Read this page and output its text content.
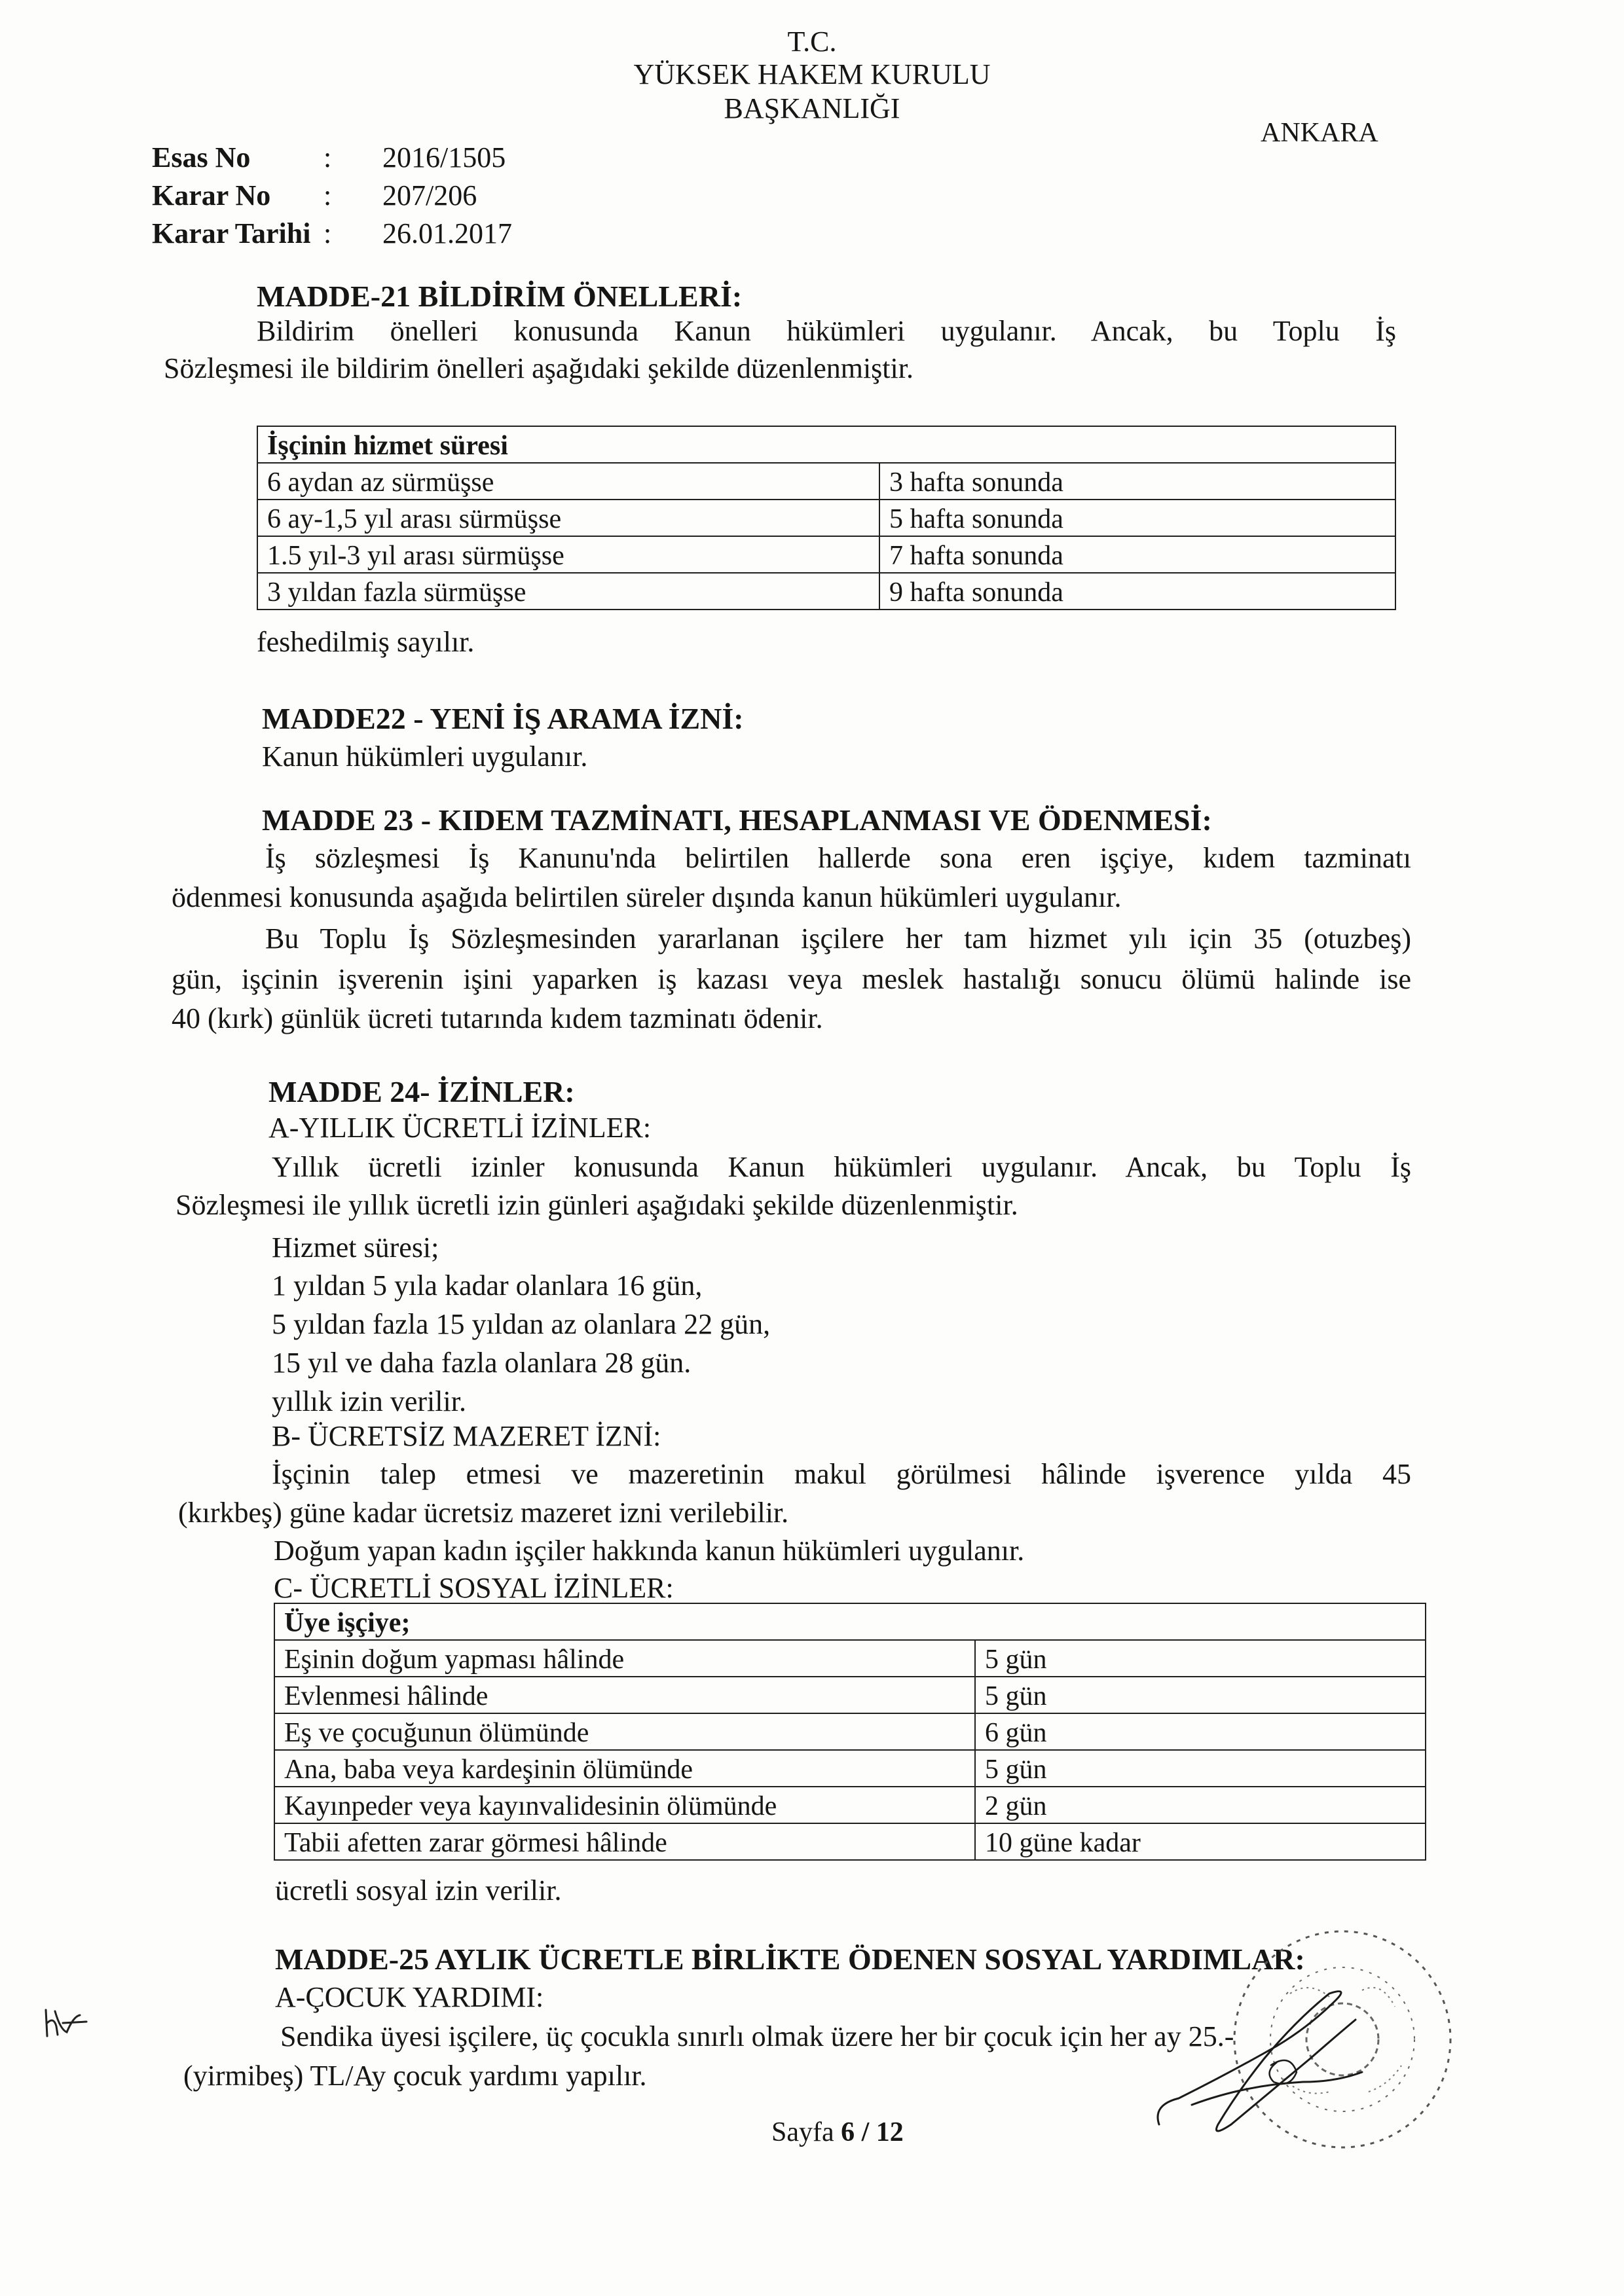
T.C.
YÜKSEK HAKEM KURULU
BAŞKANLIĞI
ANKARA
Esas No	:	2016/1505
Karar No	:	207/206
Karar Tarihi :	26.01.2017
MADDE-21 BİLDİRİM ÖNELLERİ:
Bildirim önelleri konusunda Kanun hükümleri uygulanır. Ancak, bu Toplu İş
Sözleşmesi ile bildirim önelleri aşağıdaki şekilde düzenlenmiştir.
İşçinin hizmet süresi	
6 aydan az sürmüşse	3 hafta sonunda
6 ay-1,5 yıl arası sürmüşse	5 hafta sonunda
1.5 yıl-3 yıl arası sürmüşse	7 hafta sonunda
3 yıldan fazla sürmüşse	9 hafta sonunda
feshedilmiş sayılır.
MADDE22 - YENİ İŞ ARAMA İZNİ:
Kanun hükümleri uygulanır.
MADDE 23 - KIDEM TAZMİNATI, HESAPLANMASI VE ÖDENMESİ:
İş sözleşmesi İş Kanunu'nda belirtilen hallerde sona eren işçiye, kıdem tazminatı
ödenmesi konusunda aşağıda belirtilen süreler dışında kanun hükümleri uygulanır.
Bu Toplu İş Sözleşmesinden yararlanan işçilere her tam hizmet yılı için 35 (otuzbeş)
gün, işçinin işverenin işini yaparken iş kazası veya meslek hastalığı sonucu ölümü halinde ise
40 (kırk) günlük ücreti tutarında kıdem tazminatı ödenir.
MADDE 24- İZİNLER:
A-YILLIK ÜCRETLİ İZİNLER:
Yıllık ücretli izinler konusunda Kanun hükümleri uygulanır. Ancak, bu Toplu İş
Sözleşmesi ile yıllık ücretli izin günleri aşağıdaki şekilde düzenlenmiştir.
Hizmet süresi;
1 yıldan 5 yıla kadar olanlara 16 gün,
5 yıldan fazla 15 yıldan az olanlara 22 gün,
15 yıl ve daha fazla olanlara 28 gün.
yıllık izin verilir.
B- ÜCRETSİZ MAZERET İZNİ:
İşçinin talep etmesi ve mazeretinin makul görülmesi hâlinde işverence yılda 45
(kırkbeş) güne kadar ücretsiz mazeret izni verilebilir.
Doğum yapan kadın işçiler hakkında kanun hükümleri uygulanır.
C- ÜCRETLİ SOSYAL İZİNLER:
Üye işçiye;	
Eşinin doğum yapması hâlinde	5 gün
Evlenmesi hâlinde	5 gün
Eş ve çocuğunun ölümünde	6 gün
Ana, baba veya kardeşinin ölümünde	5 gün
Kayınpeder veya kayınvalidesinin ölümünde	2 gün
Tabii afetten zarar görmesi hâlinde	10 güne kadar
ücretli sosyal izin verilir.
MADDE-25 AYLIK ÜCRETLE BİRLİKTE ÖDENEN SOSYAL YARDIMLAR:
A-ÇOCUK YARDIMI:
Sendika üyesi işçilere, üç çocukla sınırlı olmak üzere her bir çocuk için her ay 25.-
(yirmibeş) TL/Ay çocuk yardımı yapılır.
Sayfa 6 / 12
